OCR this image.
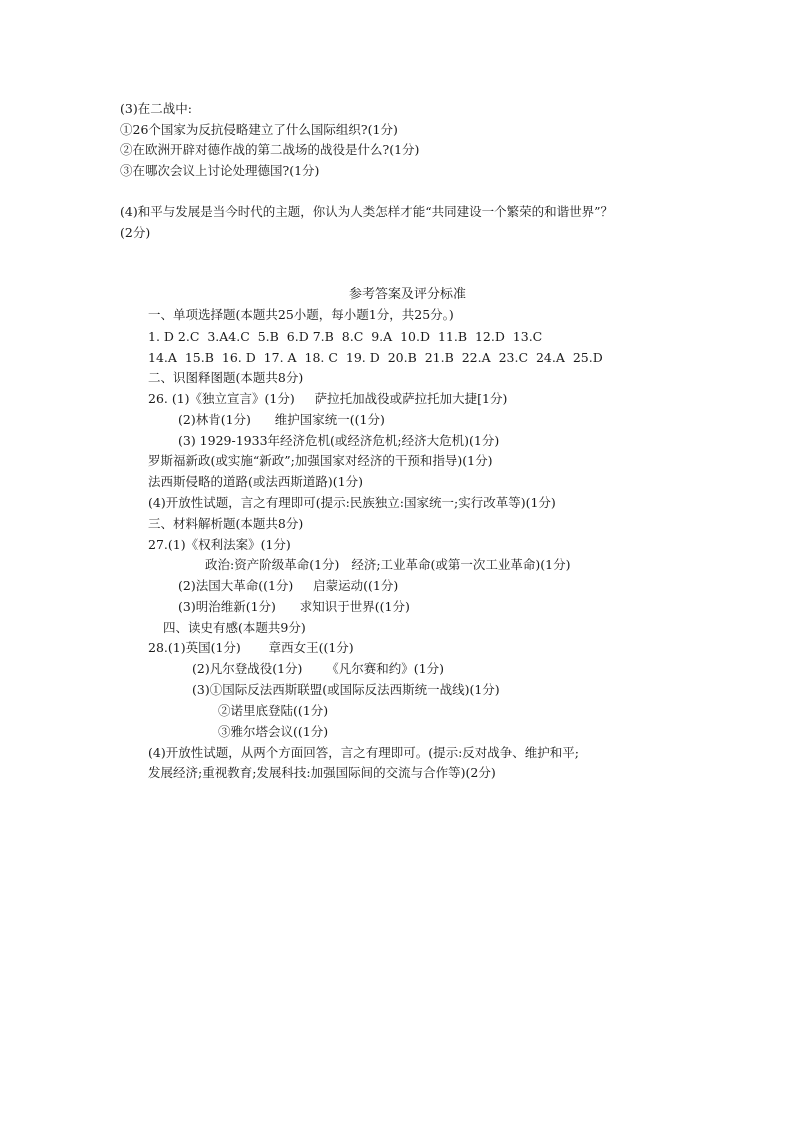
(3)在二战中:
①26个国家为反抗侵略建立了什么国际组织?(1分)
②在欧洲开辟对德作战的第二战场的战役是什么?(1分)
③在哪次会议上讨论处理德国?(1分)
(4)和平与发展是当今时代的主题，你认为人类怎样才能“共同建设一个繁荣的和谐世界”？
(2分)
参考答案及评分标准
一、单项选择题(本题共25小题，每小题1分，共25分。)
1. D 2.C  3.A4.C  5.B  6.D 7.B  8.C  9.A  10.D  11.B  12.D  13.C
14.A  15.B  16. D  17. A  18. C  19. D  20.B  21.B  22.A  23.C  24.A  25.D
二、识图释图题(本题共8分)
26. (1)《独立宣言》(1分)     萨拉托加战役或萨拉托加大捷[1分)
(2)林肯(1分)      维护国家统一((1分)
(3) 1929-1933年经济危机(或经济危机;经济大危机)(1分)
罗斯福新政(或实施“新政”;加强国家对经济的干预和指导)(1分)
法西斯侵略的道路(或法西斯道路)(1分)
(4)开放性试题，言之有理即可(提示:民族独立:国家统一;实行改革等)(1分)
三、材料解析题(本题共8分)
27.(1)《权利法案》(1分)
政治:资产阶级革命(1分)   经济;工业革命(或第一次工业革命)(1分)
(2)法国大革命((1分)     启蒙运动((1分)
(3)明治维新(1分)      求知识于世界((1分)
四、读史有感(本题共9分)
28.(1)英国(1分)       章西女王((1分)
(2)凡尔登战役(1分)      《凡尔赛和约》(1分)
(3)①国际反法西斯联盟(或国际反法西斯统一战线)(1分)
②诺里底登陆((1分)
③雅尔塔会议((1分)
(4)开放性试题，从两个方面回答，言之有理即可。(提示:反对战争、维护和平;
发展经济;重视教育;发展科技:加强国际间的交流与合作等)(2分)
